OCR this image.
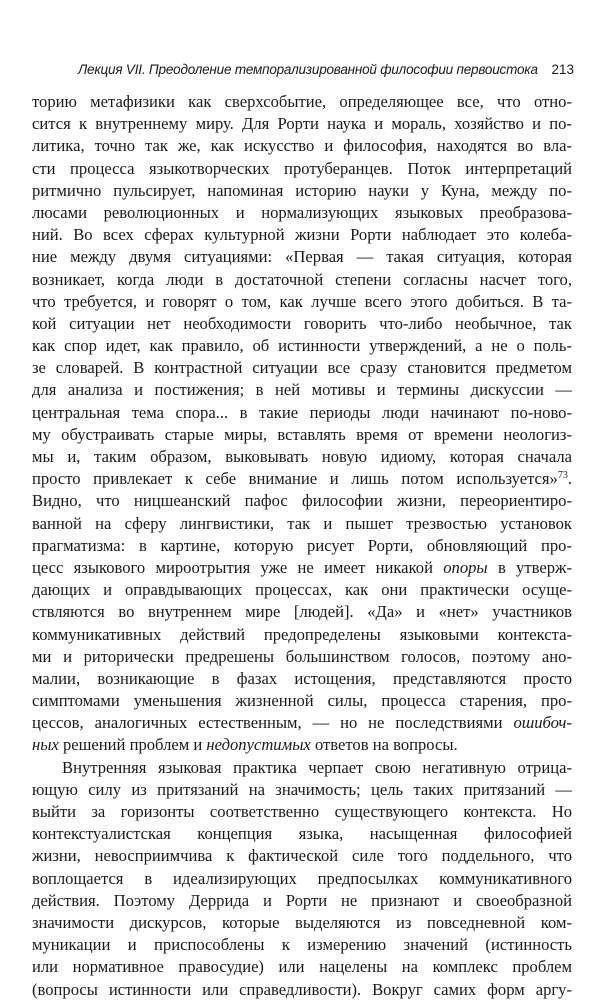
Лекция VII. Преодоление темпорализированной философии первоистока	213
торию метафизики как сверхсобытие, определяющее все, что отно-
сится к внутреннему миру. Для Рорти наука и мораль, хозяйство и по-
литика, точно так же, как искусство и философия, находятся во вла-
сти процесса языкотворческих протуберанцев. Поток интерпретаций
ритмично пульсирует, напоминая историю науки у Куна, между по-
люсами революционных и нормализующих языковых преобразова-
ний. Во всех сферах культурной жизни Рорти наблюдает это колеба-
ние между двумя ситуациями: «Первая — такая ситуация, которая
возникает, когда люди в достаточной степени согласны насчет того,
что требуется, и говорят о том, как лучше всего этого добиться. В та-
кой ситуации нет необходимости говорить что-либо необычное, так
как спор идет, как правило, об истинности утверждений, а не о поль-
зе словарей. В контрастной ситуации все сразу становится предметом
для анализа и постижения; в ней мотивы и термины дискуссии —
центральная тема спора... в такие периоды люди начинают по-ново-
му обустраивать старые миры, вставлять время от времени неологиз-
мы и, таким образом, выковывать новую идиому, которая сначала
просто привлекает к себе внимание и лишь потом используется»$^{73}$.
Видно, что ницшеанский пафос философии жизни, переориентиро-
ванной на сферу лингвистики, так и пышет трезвостью установок
прагматизма: в картине, которую рисует Рорти, обновляющий про-
цесс языкового мироотрытия уже не имеет никакой опоры в утверж-
дающих и оправдывающих процессах, как они практически осуще-
ствляются во внутреннем мире [людей]. «Да» и «нет» участников
коммуникативных действий предопределены языковыми контекста-
ми и риторически предрешены большинством голосов, поэтому ано-
малии, возникающие в фазах истощения, представляются просто
симптомами уменьшения жизненной силы, процесса старения, про-
цессов, аналогичных естественным, — но не последствиями ошибоч-
ных решений проблем и недопустимых ответов на вопросы.
Внутренняя языковая практика черпает свою негативную отрица-
ющую силу из притязаний на значимость; цель таких притязаний —
выйти за горизонты соответственно существующего контекста. Но
контекстуалистская концепция языка, насыщенная философией
жизни, невосприимчива к фактической силе того поддельного, что
воплощается в идеализирующих предпосылках коммуникативного
действия. Поэтому Деррида и Рорти не признают и своеобразной
значимости дискурсов, которые выделяются из повседневной ком-
муникации и приспособлены к измерению значений (истинность
или нормативное правосудие) или нацелены на комплекс проблем
(вопросы истинности или справедливости). Вокруг самих форм аргу-
